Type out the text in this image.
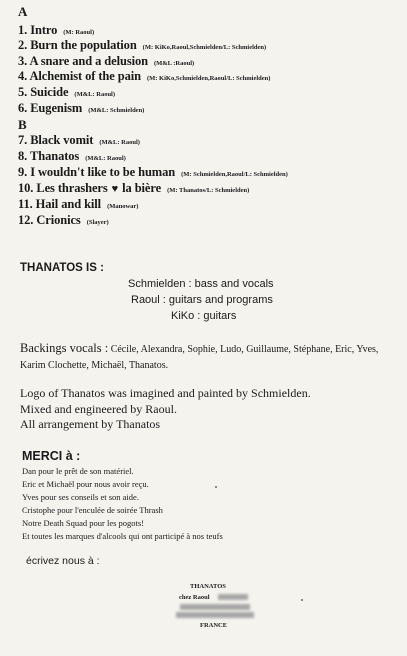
A
B
1. Intro (M: Raoul)
2. Burn the population (M: KiKo,Raoul,Schmielden/L: Schmielden)
3. A snare and a delusion (M&L :Raoul)
4. Alchemist of the pain (M: KiKo,Schmielden,Raoul/L: Schmielden)
5. Suicide (M&L: Raoul)
6. Eugenism (M&L: Schmielden)
7. Black vomit (M&L: Raoul)
8. Thanatos (M&L: Raoul)
9. I wouldn't like to be human (M: Schmielden,Raoul/L: Schmielden)
10. Les thrashers ♥ la bière (M: Thanatos/L: Schmielden)
11. Hail and kill (Manowar)
12. Crionics (Slayer)
THANATOS IS :
Schmielden : bass and vocals
Raoul : guitars and programs
KiKo : guitars
Backings vocals : Cécile, Alexandra, Sophie, Ludo, Guillaume, Stéphane, Eric, Yves, Karim Clochette, Michaël, Thanatos.
Logo of Thanatos was imagined and painted by Schmielden.
Mixed and engineered by Raoul.
All arrangement by Thanatos
MERCI à :
Dan pour le prêt de son matériel.
Eric et Michaël pour nous avoir reçu.
Yves pour ses conseils et son aide.
Cristophe pour l'enculée de soirée Thrash
Notre Death Squad pour les pogots!
Et toutes les marques d'alcools qui ont participé à nos teufs
écrivez nous à :
THANATOS
chez Raoul
FRANCE
